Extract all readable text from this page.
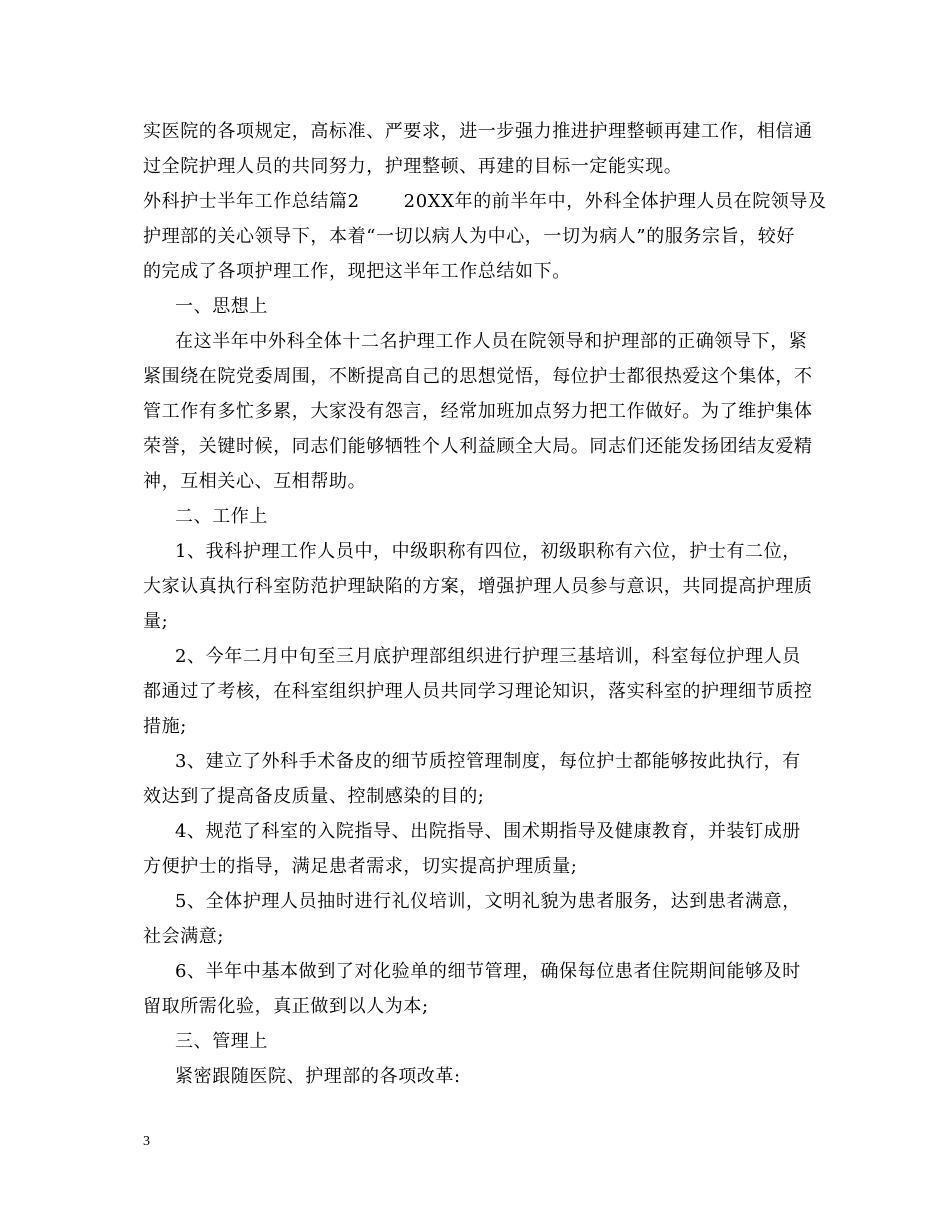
实医院的各项规定，高标准、严要求，进一步强力推进护理整顿再建工作，相信通
过全院护理人员的共同努力，护理整顿、再建的目标一定能实现。
外科护士半年工作总结篇2 20XX年的前半年中，外科全体护理人员在院领导及
护理部的关心领导下，本着“一切以病人为中心，一切为病人”的服务宗旨，较好
的完成了各项护理工作，现把这半年工作总结如下。
一、思想上
在这半年中外科全体十二名护理工作人员在院领导和护理部的正确领导下，紧
紧围绕在院党委周围，不断提高自己的思想觉悟，每位护士都很热爱这个集体，不
管工作有多忙多累，大家没有怨言，经常加班加点努力把工作做好。为了维护集体
荣誉，关键时候，同志们能够牺牲个人利益顾全大局。同志们还能发扬团结友爱精
神，互相关心、互相帮助。
二、工作上
1、我科护理工作人员中，中级职称有四位，初级职称有六位，护士有二位，
大家认真执行科室防范护理缺陷的方案，增强护理人员参与意识，共同提高护理质
量;
2、今年二月中旬至三月底护理部组织进行护理三基培训，科室每位护理人员
都通过了考核，在科室组织护理人员共同学习理论知识，落实科室的护理细节质控
措施;
3、建立了外科手术备皮的细节质控管理制度，每位护士都能够按此执行，有
效达到了提高备皮质量、控制感染的目的;
4、规范了科室的入院指导、出院指导、围术期指导及健康教育，并装钉成册
方便护士的指导，满足患者需求，切实提高护理质量;
5、全体护理人员抽时进行礼仪培训，文明礼貌为患者服务，达到患者满意，
社会满意;
6、半年中基本做到了对化验单的细节管理，确保每位患者住院期间能够及时
留取所需化验，真正做到以人为本;
三、管理上
紧密跟随医院、护理部的各项改革:
3
